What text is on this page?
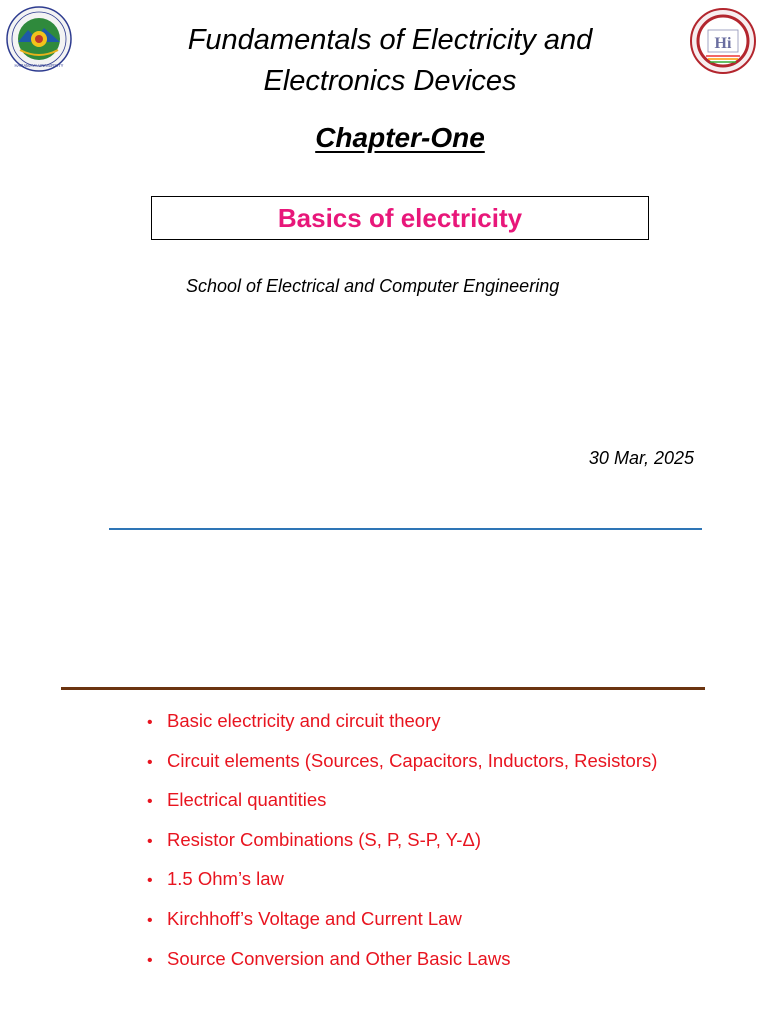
HARAMAYA UNIVERSITY
Hi
Fundamentals of Electricity and
Electronics Devices
Chapter-One
Basics of electricity
School of Electrical and Computer Engineering
30 Mar, 2025
• Basic electricity and circuit theory
• Circuit elements (Sources, Capacitors, Inductors, Resistors)
• Electrical quantities
• Resistor Combinations (S, P, S-P, Y-Δ)
• 1.5 Ohm’s law
• Kirchhoff’s Voltage and Current Law
• Source Conversion and Other Basic Laws
